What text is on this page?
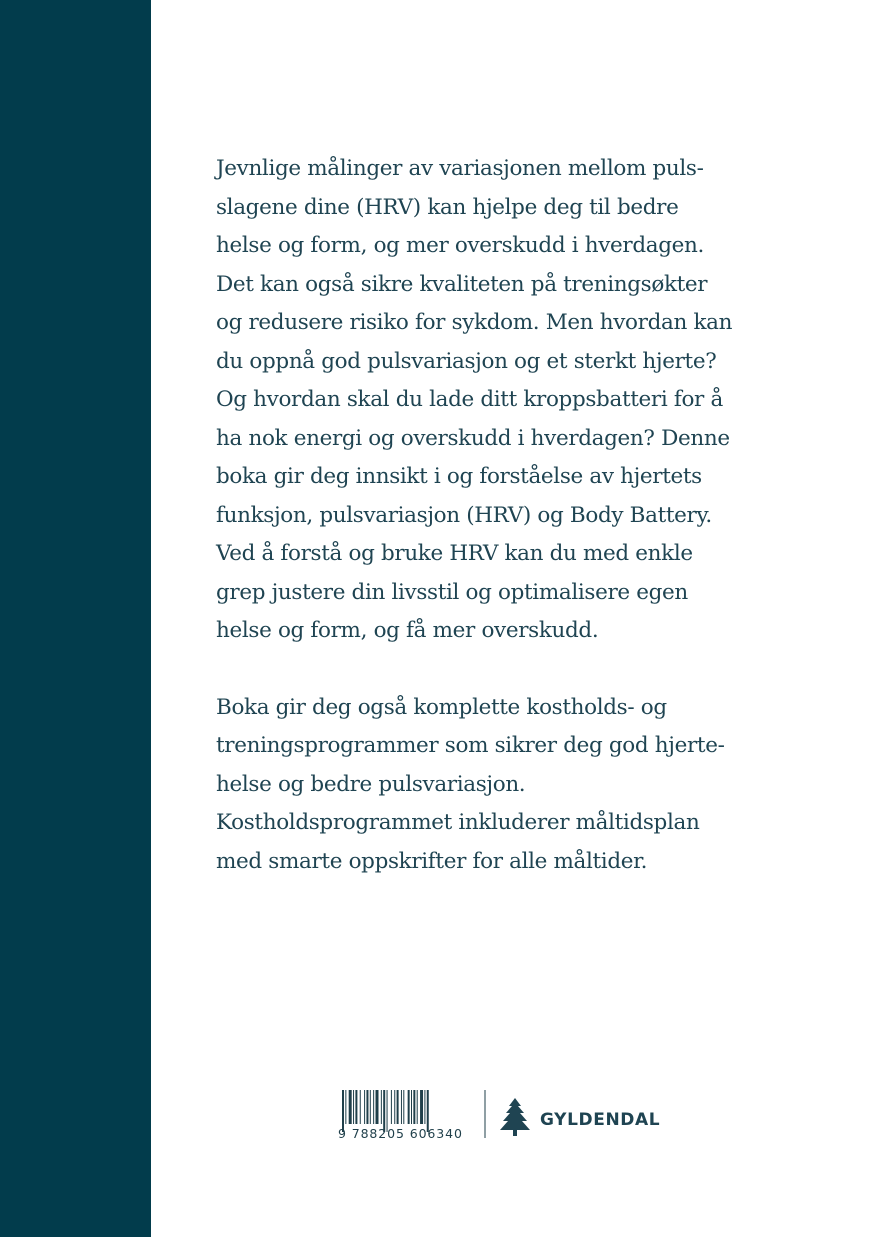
Jevnlige målinger av variasjonen mellom puls-
slagene dine (HRV) kan hjelpe deg til bedre
helse og form, og mer overskudd i hverdagen.
Det kan også sikre kvaliteten på treningsøkter
og redusere risiko for sykdom. Men hvordan kan
du oppnå god pulsvariasjon og et sterkt hjerte?
Og hvordan skal du lade ditt kroppsbatteri for å
ha nok energi og overskudd i hverdagen? Denne
boka gir deg innsikt i og forståelse av hjertets
funksjon, pulsvariasjon (HRV) og Body Battery.
Ved å forstå og bruke HRV kan du med enkle
grep justere din livsstil og optimalisere egen
helse og form, og få mer overskudd.
Boka gir deg også komplette kostholds- og
treningsprogrammer som sikrer deg god hjerte-
helse og bedre pulsvariasjon.
Kostholdsprogrammet inkluderer måltidsplan
med smarte oppskrifter for alle måltider.
9 788205 606340
GYLDENDAL
